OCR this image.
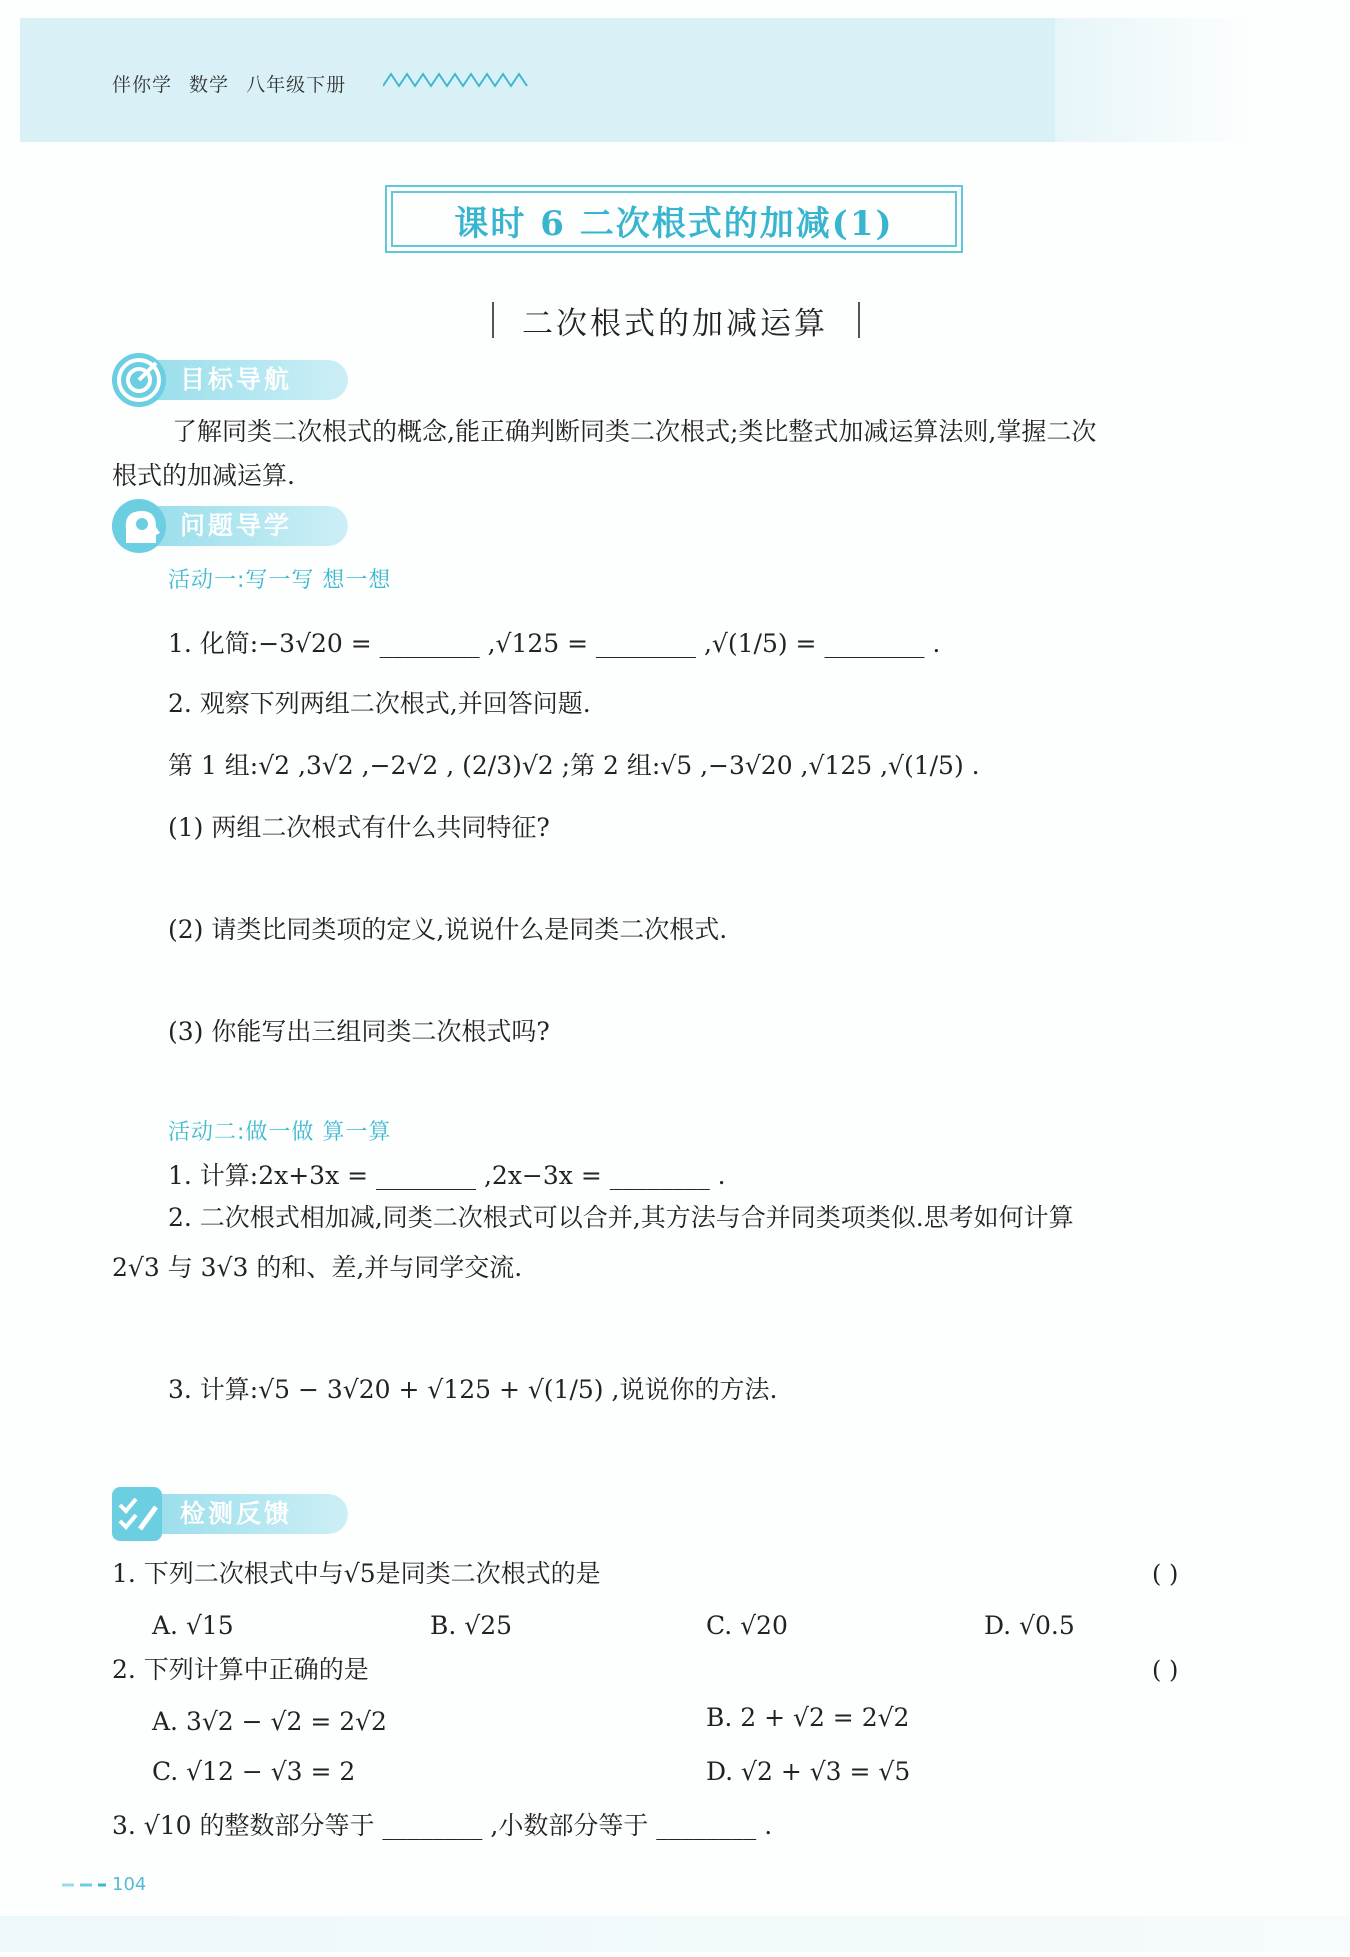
伴你学 数学 八年级下册
课时 6 二次根式的加减(1)
二次根式的加减运算
目标导航
了解同类二次根式的概念,能正确判断同类二次根式;类比整式加减运算法则,掌握二次
根式的加减运算.
问题导学
活动一:写一写 想一想
1. 化简:−3√20 = ________ ,√125 = ________ ,√(1/5) = ________ .
2. 观察下列两组二次根式,并回答问题.
第 1 组:√2 ,3√2 ,−2√2 , (2/3)√2 ;第 2 组:√5 ,−3√20 ,√125 ,√(1/5) .
(1) 两组二次根式有什么共同特征?
(2) 请类比同类项的定义,说说什么是同类二次根式.
(3) 你能写出三组同类二次根式吗?
活动二:做一做 算一算
1. 计算:2x+3x = ________ ,2x−3x = ________ .
2. 二次根式相加减,同类二次根式可以合并,其方法与合并同类项类似.思考如何计算
2√3 与 3√3 的和、差,并与同学交流.
3. 计算:√5 − 3√20 + √125 + √(1/5) ,说说你的方法.
检测反馈
1. 下列二次根式中与√5是同类二次根式的是	( )
A. √15	B. √25	C. √20	D. √0.5
2. 下列计算中正确的是	( )
A. 3√2 − √2 = 2√2	B. 2 + √2 = 2√2
C. √12 − √3 = 2	D. √2 + √3 = √5
3. √10 的整数部分等于 ________ ,小数部分等于 ________ .
104
